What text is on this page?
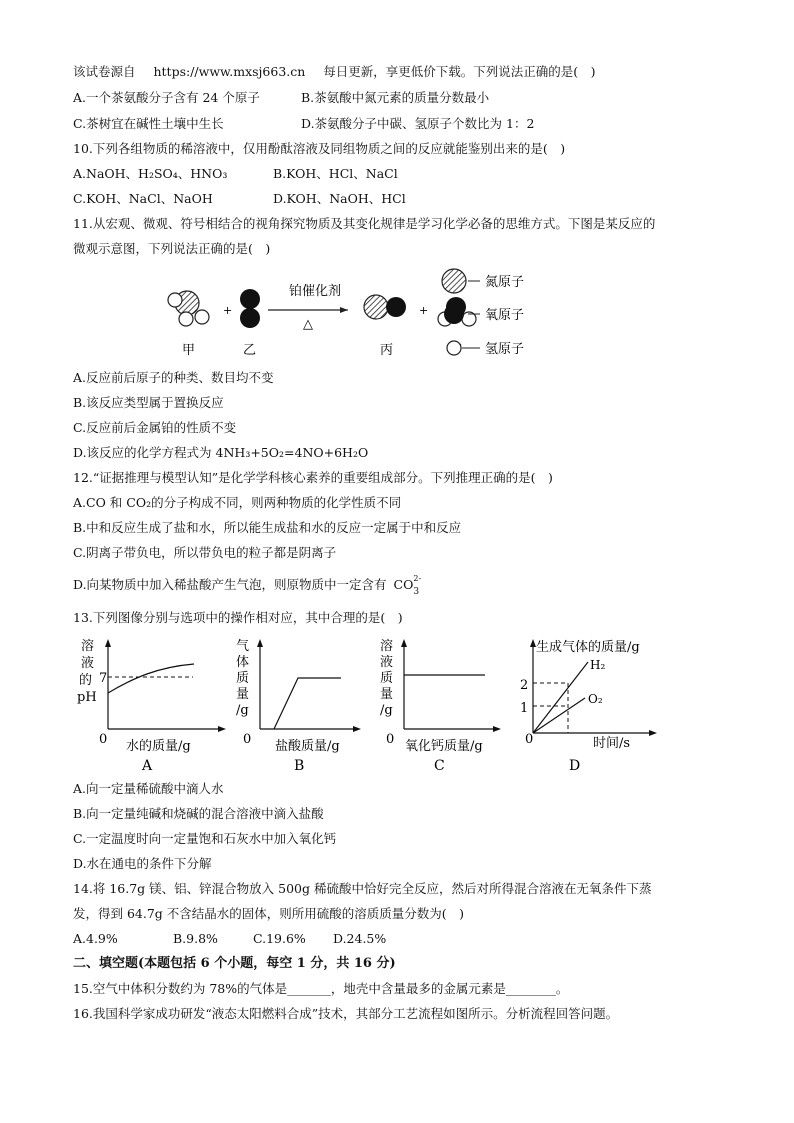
该试卷源自 https://www.mxsj663.cn 每日更新，享更低价下载。下列说法正确的是(　)
A.一个茶氨酸分子含有 24 个原子	B.茶氨酸中氮元素的质量分数最小
C.茶树宜在碱性土壤中生长	D.茶氨酸分子中碳、氢原子个数比为 1：2
10.下列各组物质的稀溶液中，仅用酚酞溶液及同组物质之间的反应就能鉴别出来的是(　)
A.NaOH、H₂SO₄、HNO₃	B.KOH、HCl、NaCl
C.KOH、NaCl、NaOH	D.KOH、NaOH、HCl
11.从宏观、微观、符号相结合的视角探究物质及其变化规律是学习化学必备的思维方式。下图是某反应的
微观示意图，下列说法正确的是(　)
+
铂催化剂
△
+
甲	乙	丙
氮原子
氧原子
氢原子
A.反应前后原子的种类、数目均不变
B.该反应类型属于置换反应
C.反应前后金属铂的性质不变
D.该反应的化学方程式为 4NH₃+5O₂=4NO+6H₂O
12.“证据推理与模型认知”是化学学科核心素养的重要组成部分。下列推理正确的是(　)
A.CO 和 CO₂的分子构成不同，则两种物质的化学性质不同
B.中和反应生成了盐和水，所以能生成盐和水的反应一定属于中和反应
C.阴离子带负电，所以带负电的粒子都是阴离子
D.向某物质中加入稀盐酸产生气泡，则原物质中一定含有 CO 2-
3
13.下列图像分别与选项中的操作相对应，其中合理的是(　)
溶
液
的
pH
7
0 水的质量/g
A
气
体
质
量
/g
0 盐酸质量/g
B
溶
液
质
量
/g
0 氧化钙质量/g
C
生成气体的质量/g
2
1
H₂
O₂
0	时间/s
D
A.向一定量稀硫酸中滴人水
B.向一定量纯碱和烧碱的混合溶液中滴入盐酸
C.一定温度时向一定量饱和石灰水中加入氧化钙
D.水在通电的条件下分解
14.将 16.7g 镁、铝、锌混合物放入 500g 稀硫酸中恰好完全反应，然后对所得混合溶液在无氧条件下蒸
发，得到 64.7g 不含结晶水的固体，则所用硫酸的溶质质量分数为(　)
A.4.9%	B.9.8%	C.19.6% D.24.5%
二、填空题(本题包括 6 个小题，每空 1 分，共 16 分)
15.空气中体积分数约为 78%的气体是_______，地壳中含量最多的金属元素是________。
16.我国科学家成功研发“液态太阳燃料合成”技术，其部分工艺流程如图所示。分析流程回答问题。
